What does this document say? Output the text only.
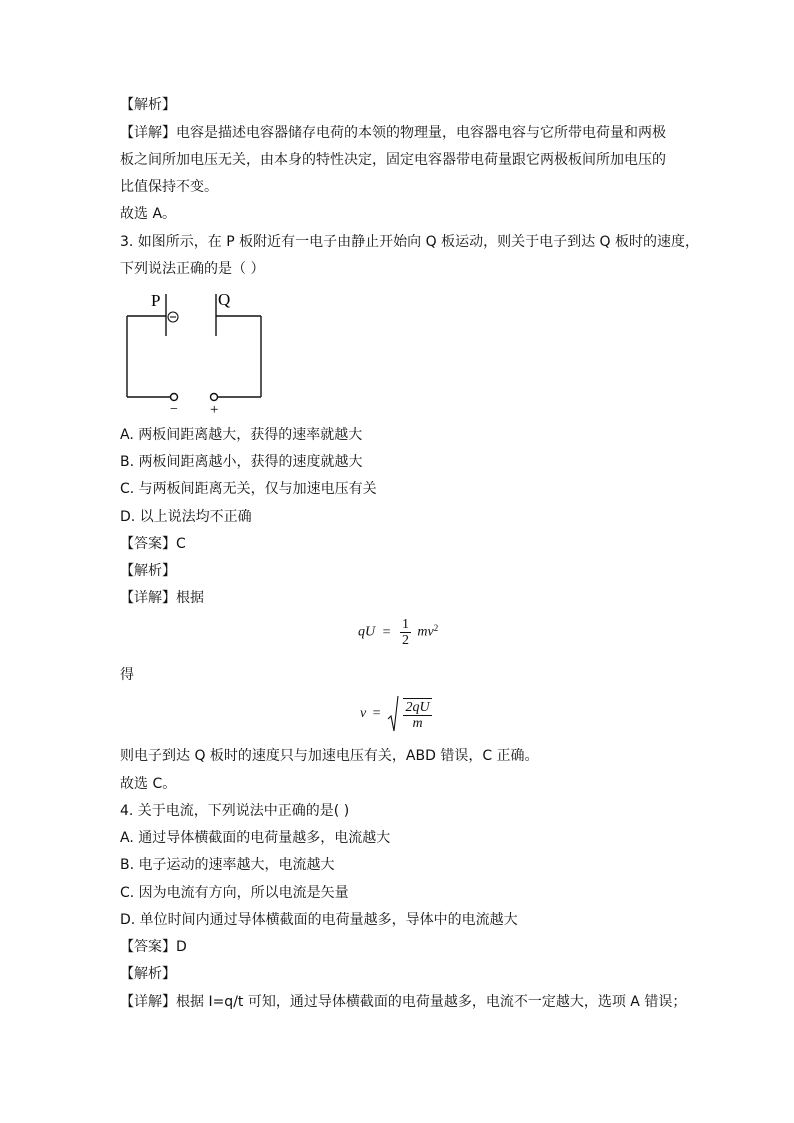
【解析】
【详解】电容是描述电容器储存电荷的本领的物理量，电容器电容与它所带电荷量和两极
板之间所加电压无关，由本身的特性决定，固定电容器带电荷量跟它两极板间所加电压的
比值保持不变。
故选 A。
3. 如图所示，在 P 板附近有一电子由静止开始向 Q 板运动，则关于电子到达 Q 板时的速度，
下列说法正确的是（ ）
P	Q
− +
A. 两板间距离越大，获得的速率就越大
B. 两板间距离越小，获得的速度就越大
C. 与两板间距离无关，仅与加速电压有关
D. 以上说法均不正确
【答案】C
【解析】
【详解】根据
qU = $\frac{1}{2} mv^2$
得
$v = \frac{2qU}{m}$
则电子到达 Q 板时的速度只与加速电压有关，ABD 错误，C 正确。
故选 C。
4. 关于电流，下列说法中正确的是( )
A. 通过导体横截面的电荷量越多，电流越大
B. 电子运动的速率越大，电流越大
C. 因为电流有方向，所以电流是矢量
D. 单位时间内通过导体横截面的电荷量越多，导体中的电流越大
【答案】D
【解析】
【详解】根据 I=q/t 可知，通过导体横截面的电荷量越多，电流不一定越大，选项 A 错误；
